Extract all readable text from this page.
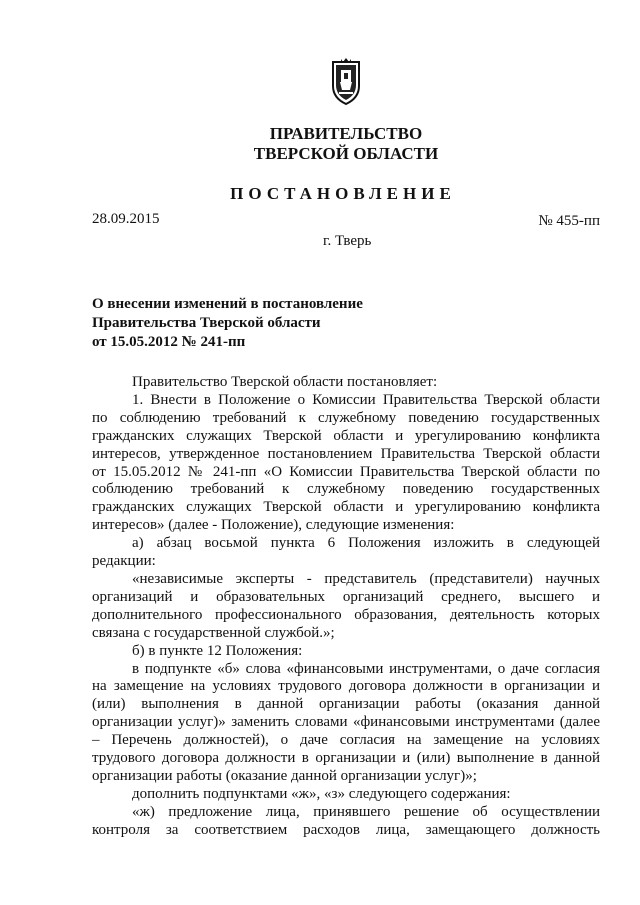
ПРАВИТЕЛЬСТВО
ТВЕРСКОЙ ОБЛАСТИ
ПОСТАНОВЛЕНИЕ
28.09.2015	№ 455-пп
г. Тверь
О внесении изменений в постановление
Правительства Тверской области
от 15.05.2012 № 241-пп
Правительство Тверской области постановляет:
1. Внести в Положение о Комиссии Правительства Тверской области
по соблюдению требований к служебному поведению государственных
гражданских служащих Тверской области и урегулированию конфликта
интересов, утвержденное постановлением Правительства Тверской области
от 15.05.2012 № 241-пп «О Комиссии Правительства Тверской области по
соблюдению требований к служебному поведению государственных
гражданских служащих Тверской области и урегулированию конфликта
интересов» (далее - Положение), следующие изменения:
а) абзац восьмой пункта 6 Положения изложить в следующей
редакции:
«независимые эксперты - представитель (представители) научных
организаций и образовательных организаций среднего, высшего и
дополнительного профессионального образования, деятельность которых
связана с государственной службой.»;
б) в пункте 12 Положения:
в подпункте «б» слова «финансовыми инструментами, о даче согласия
на замещение на условиях трудового договора должности в организации и
(или) выполнения в данной организации работы (оказания данной
организации услуг)» заменить словами «финансовыми инструментами (далее
– Перечень должностей), о даче согласия на замещение на условиях
трудового договора должности в организации и (или) выполнение в данной
организации работы (оказание данной организации услуг)»;
дополнить подпунктами «ж», «з» следующего содержания:
«ж) предложение лица, принявшего решение об осуществлении
контроля за соответствием расходов лица, замещающего должность
